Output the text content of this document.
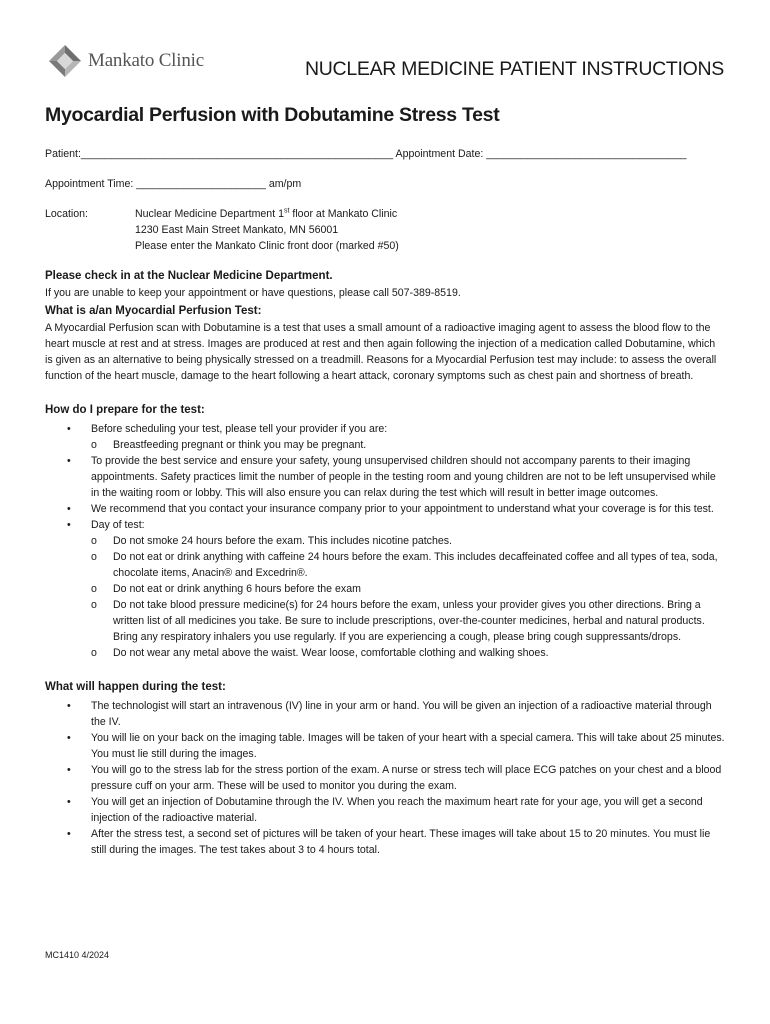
Mankato Clinic	NUCLEAR MEDICINE PATIENT INSTRUCTIONS
Myocardial Perfusion with Dobutamine Stress Test
Patient:_____________________________________________________ Appointment Date: __________________________________
Appointment Time: ______________________ am/pm
Location:	Nuclear Medicine Department 1st floor at Mankato Clinic
1230 East Main Street Mankato, MN 56001
Please enter the Mankato Clinic front door (marked #50)
Please check in at the Nuclear Medicine Department.

If you are unable to keep your appointment or have questions, please call 507-389-8519.

What is a/an Myocardial Perfusion Test:

A Myocardial Perfusion scan with Dobutamine is a test that uses a small amount of a radioactive imaging agent to assess the blood flow to the heart muscle at rest and at stress. Images are produced at rest and then again following the injection of a medication called Dobutamine, which is given as an alternative to being physically stressed on a treadmill. Reasons for a Myocardial Perfusion test may include: to assess the overall function of the heart muscle, damage to the heart following a heart attack, coronary symptoms such as chest pain and shortness of breath.

How do I prepare for the test:
• Before scheduling your test, please tell your provider if you are:
o Breastfeeding pregnant or think you may be pregnant.
• To provide the best service and ensure your safety, young unsupervised children should not accompany parents to their imaging appointments. Safety practices limit the number of people in the testing room and young children are not to be left unsupervised while in the waiting room or lobby. This will also ensure you can relax during the test which will result in better image outcomes.
• We recommend that you contact your insurance company prior to your appointment to understand what your coverage is for this test.
• Day of test:
o Do not smoke 24 hours before the exam. This includes nicotine patches.
o Do not eat or drink anything with caffeine 24 hours before the exam. This includes decaffeinated coffee and all types of tea, soda, chocolate items, Anacin® and Excedrin®.
o Do not eat or drink anything 6 hours before the exam
o Do not take blood pressure medicine(s) for 24 hours before the exam, unless your provider gives you other directions. Bring a written list of all medicines you take. Be sure to include prescriptions, over-the-counter medicines, herbal and natural products. Bring any respiratory inhalers you use regularly. If you are experiencing a cough, please bring cough suppressants/drops.
o Do not wear any metal above the waist. Wear loose, comfortable clothing and walking shoes.
What will happen during the test:
• The technologist will start an intravenous (IV) line in your arm or hand. You will be given an injection of a radioactive material through the IV.
• You will lie on your back on the imaging table. Images will be taken of your heart with a special camera. This will take about 25 minutes. You must lie still during the images.
• You will go to the stress lab for the stress portion of the exam. A nurse or stress tech will place ECG patches on your chest and a blood pressure cuff on your arm. These will be used to monitor you during the exam.
• You will get an injection of Dobutamine through the IV. When you reach the maximum heart rate for your age, you will get a second injection of the radioactive material.
• After the stress test, a second set of pictures will be taken of your heart. These images will take about 15 to 20 minutes. You must lie still during the images. The test takes about 3 to 4 hours total.
MC1410 4/2024
